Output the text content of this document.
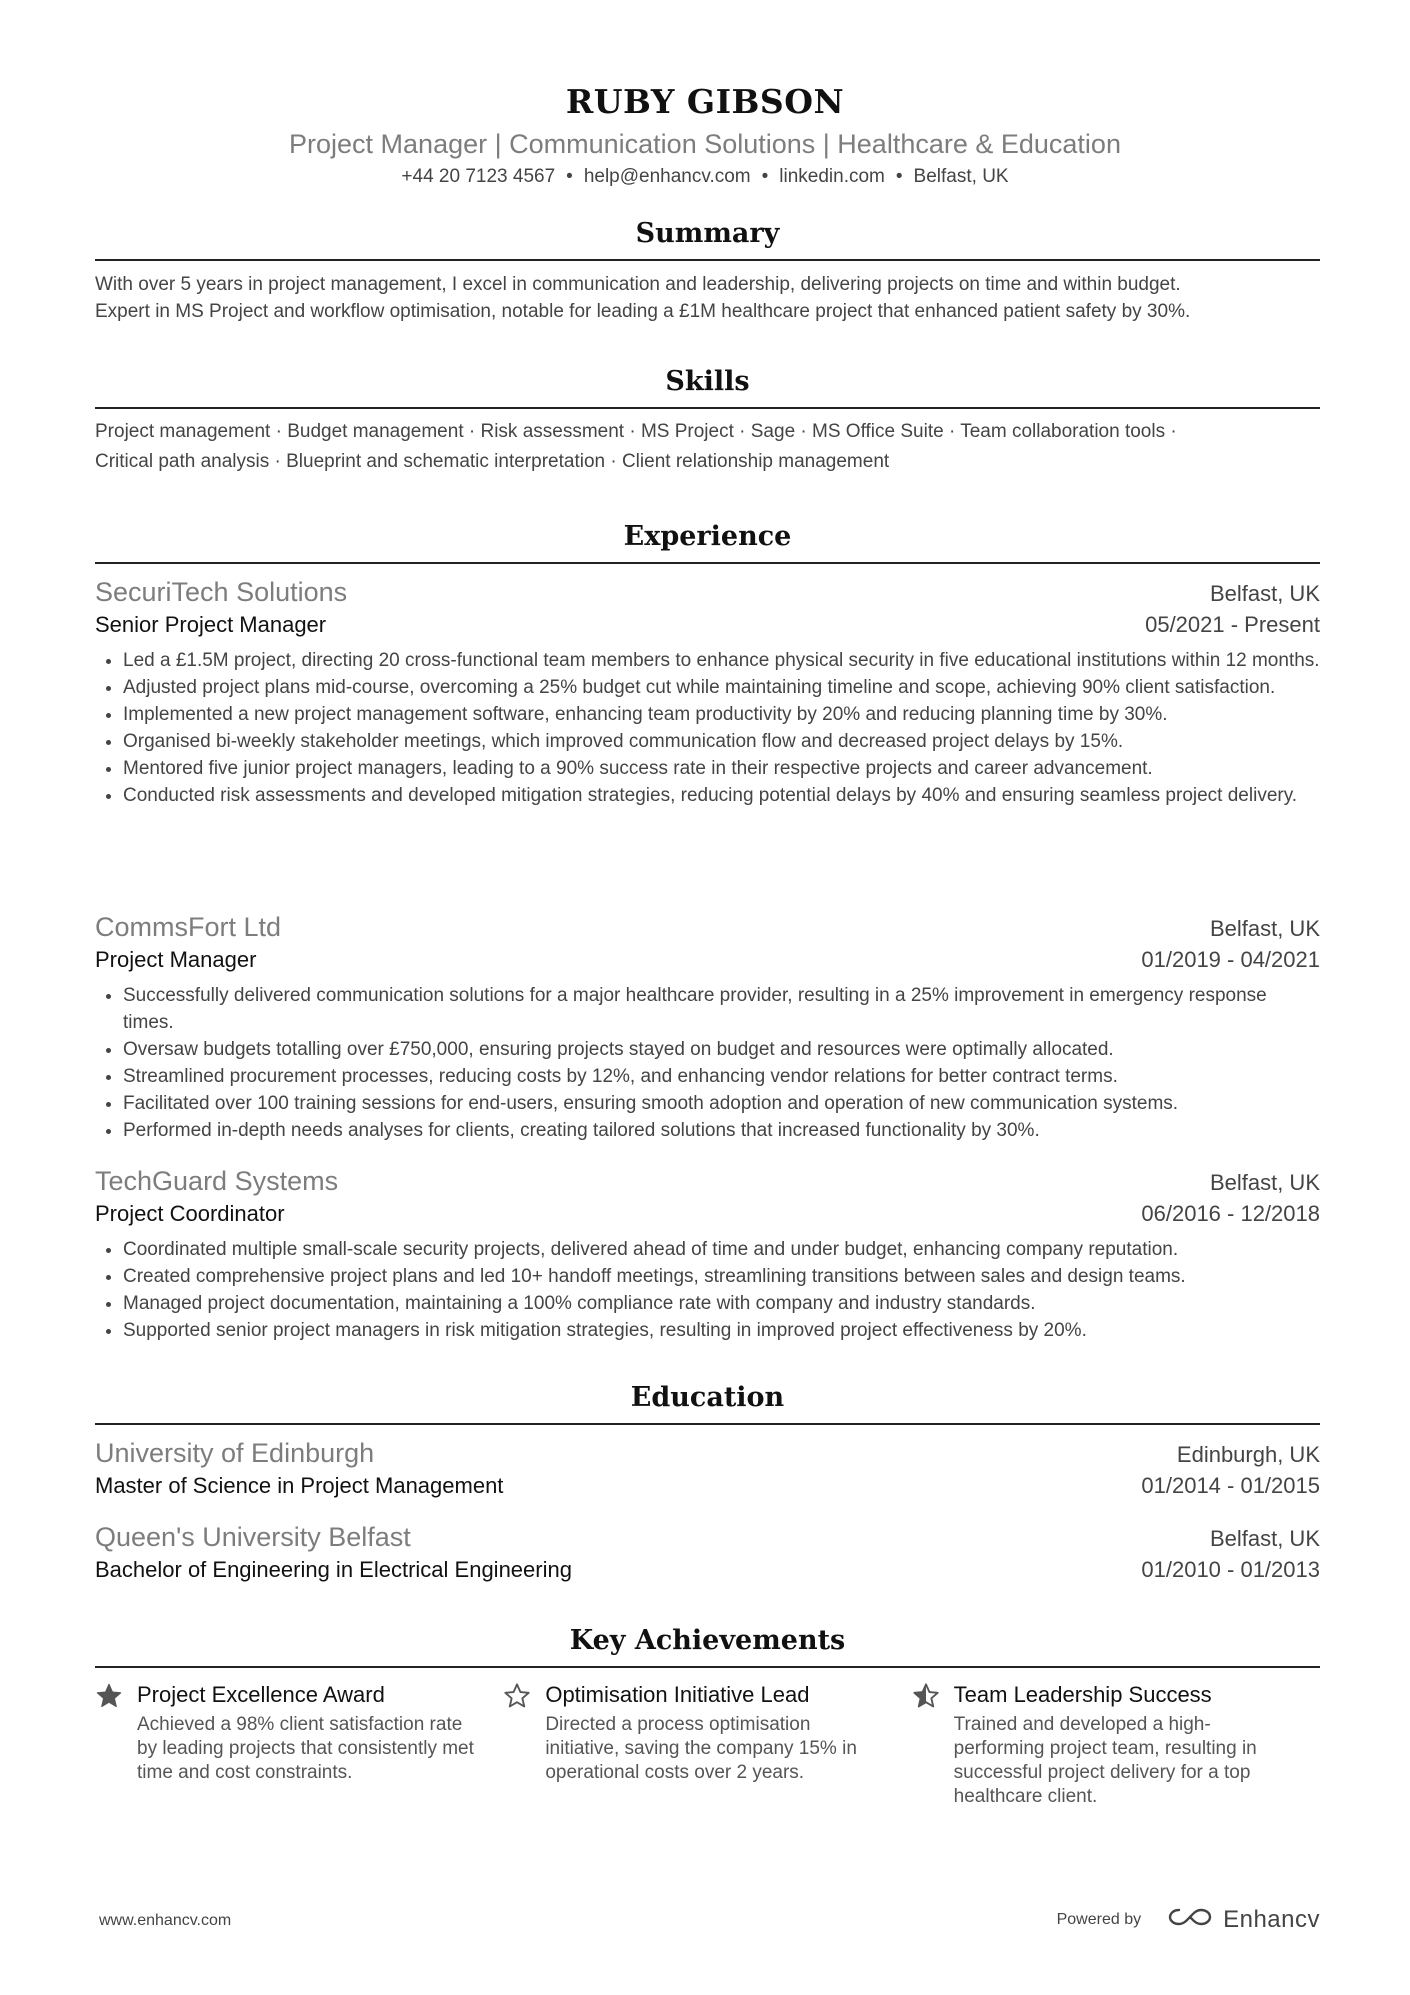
RUBY GIBSON
Project Manager | Communication Solutions | Healthcare & Education
+44 20 7123 4567 • help@enhancv.com • linkedin.com • Belfast, UK
Summary
With over 5 years in project management, I excel in communication and leadership, delivering projects on time and within budget.
Expert in MS Project and workflow optimisation, notable for leading a £1M healthcare project that enhanced patient safety by 30%.
Skills
Project management · Budget management · Risk assessment · MS Project · Sage · MS Office Suite · Team collaboration tools ·
Critical path analysis · Blueprint and schematic interpretation · Client relationship management
Experience
SecuriTech Solutions	Belfast, UK
Senior Project Manager	05/2021 - Present
• Led a £1.5M project, directing 20 cross-functional team members to enhance physical security in five educational institutions within 12 months.
• Adjusted project plans mid-course, overcoming a 25% budget cut while maintaining timeline and scope, achieving 90% client satisfaction.
• Implemented a new project management software, enhancing team productivity by 20% and reducing planning time by 30%.
• Organised bi-weekly stakeholder meetings, which improved communication flow and decreased project delays by 15%.
• Mentored five junior project managers, leading to a 90% success rate in their respective projects and career advancement.
• Conducted risk assessments and developed mitigation strategies, reducing potential delays by 40% and ensuring seamless project delivery.
CommsFort Ltd	Belfast, UK
Project Manager	01/2019 - 04/2021
• Successfully delivered communication solutions for a major healthcare provider, resulting in a 25% improvement in emergency response times.
• Oversaw budgets totalling over £750,000, ensuring projects stayed on budget and resources were optimally allocated.
• Streamlined procurement processes, reducing costs by 12%, and enhancing vendor relations for better contract terms.
• Facilitated over 100 training sessions for end-users, ensuring smooth adoption and operation of new communication systems.
• Performed in-depth needs analyses for clients, creating tailored solutions that increased functionality by 30%.
TechGuard Systems	Belfast, UK
Project Coordinator	06/2016 - 12/2018
• Coordinated multiple small-scale security projects, delivered ahead of time and under budget, enhancing company reputation.
• Created comprehensive project plans and led 10+ handoff meetings, streamlining transitions between sales and design teams.
• Managed project documentation, maintaining a 100% compliance rate with company and industry standards.
• Supported senior project managers in risk mitigation strategies, resulting in improved project effectiveness by 20%.
Education
University of Edinburgh	Edinburgh, UK
Master of Science in Project Management	01/2014 - 01/2015
Queen's University Belfast	Belfast, UK
Bachelor of Engineering in Electrical Engineering	01/2010 - 01/2013
Key Achievements
Project Excellence Award
Achieved a 98% client satisfaction rate by leading projects that consistently met time and cost constraints.
Optimisation Initiative Lead
Directed a process optimisation initiative, saving the company 15% in operational costs over 2 years.
Team Leadership Success
Trained and developed a high-performing project team, resulting in successful project delivery for a top healthcare client.
www.enhancv.com	Powered by	Enhancv
